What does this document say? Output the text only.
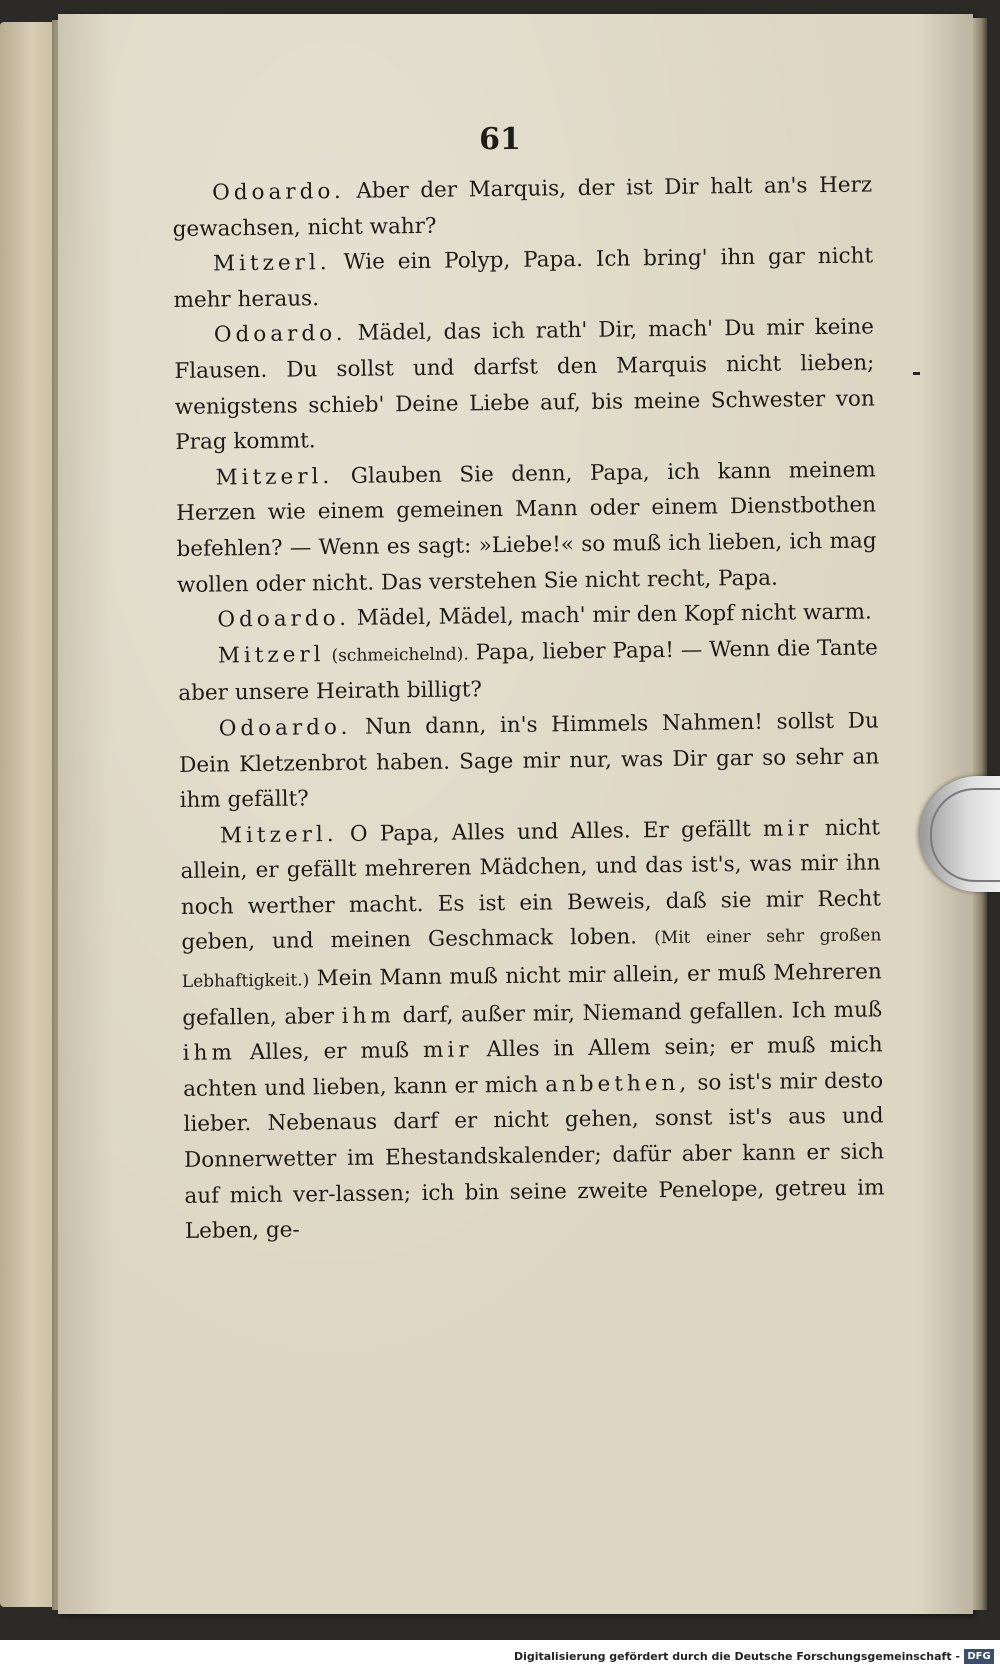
61

Odoardo. Aber der Marquis, der ist Dir halt an's Herz gewachsen, nicht wahr?

Mitzerl. Wie ein Polyp, Papa. Ich bring' ihn gar nicht mehr heraus.

Odoardo. Mädel, das ich rath' Dir, mach' Du mir keine Flausen. Du sollst und darfst den Marquis nicht lieben; wenigstens schieb' Deine Liebe auf, bis meine Schwester von Prag kommt.

Mitzerl. Glauben Sie denn, Papa, ich kann meinem Herzen wie einem gemeinen Mann oder einem Dienstbothen befehlen? — Wenn es sagt: »Liebe!« so muß ich lieben, ich mag wollen oder nicht. Das verstehen Sie nicht recht, Papa.

Odoardo. Mädel, Mädel, mach' mir den Kopf nicht warm.

Mitzerl (schmeichelnd). Papa, lieber Papa! — Wenn die Tante aber unsere Heirath billigt?

Odoardo. Nun dann, in's Himmels Nahmen! sollst Du Dein Kletzenbrot haben. Sage mir nur, was Dir gar so sehr an ihm gefällt?

Mitzerl. O Papa, Alles und Alles. Er gefällt mir nicht allein, er gefällt mehreren Mädchen, und das ist's, was mir ihn noch werther macht. Es ist ein Beweis, daß sie mir Recht geben, und meinen Geschmack loben. (Mit einer sehr großen Lebhaftigkeit.) Mein Mann muß nicht mir allein, er muß Mehreren gefallen, aber ihm darf, außer mir, Niemand gefallen. Ich muß ihm Alles, er muß mir Alles in Allem sein; er muß mich achten und lieben, kann er mich anbethen, so ist's mir desto lieber. Nebenaus darf er nicht gehen, sonst ist's aus und Donnerwetter im Ehestandskalender; dafür aber kann er sich auf mich ver-lassen; ich bin seine zweite Penelope, getreu im Leben, ge-

Digitalisierung gefördert durch die Deutsche Forschungsgemeinschaft - DFG
